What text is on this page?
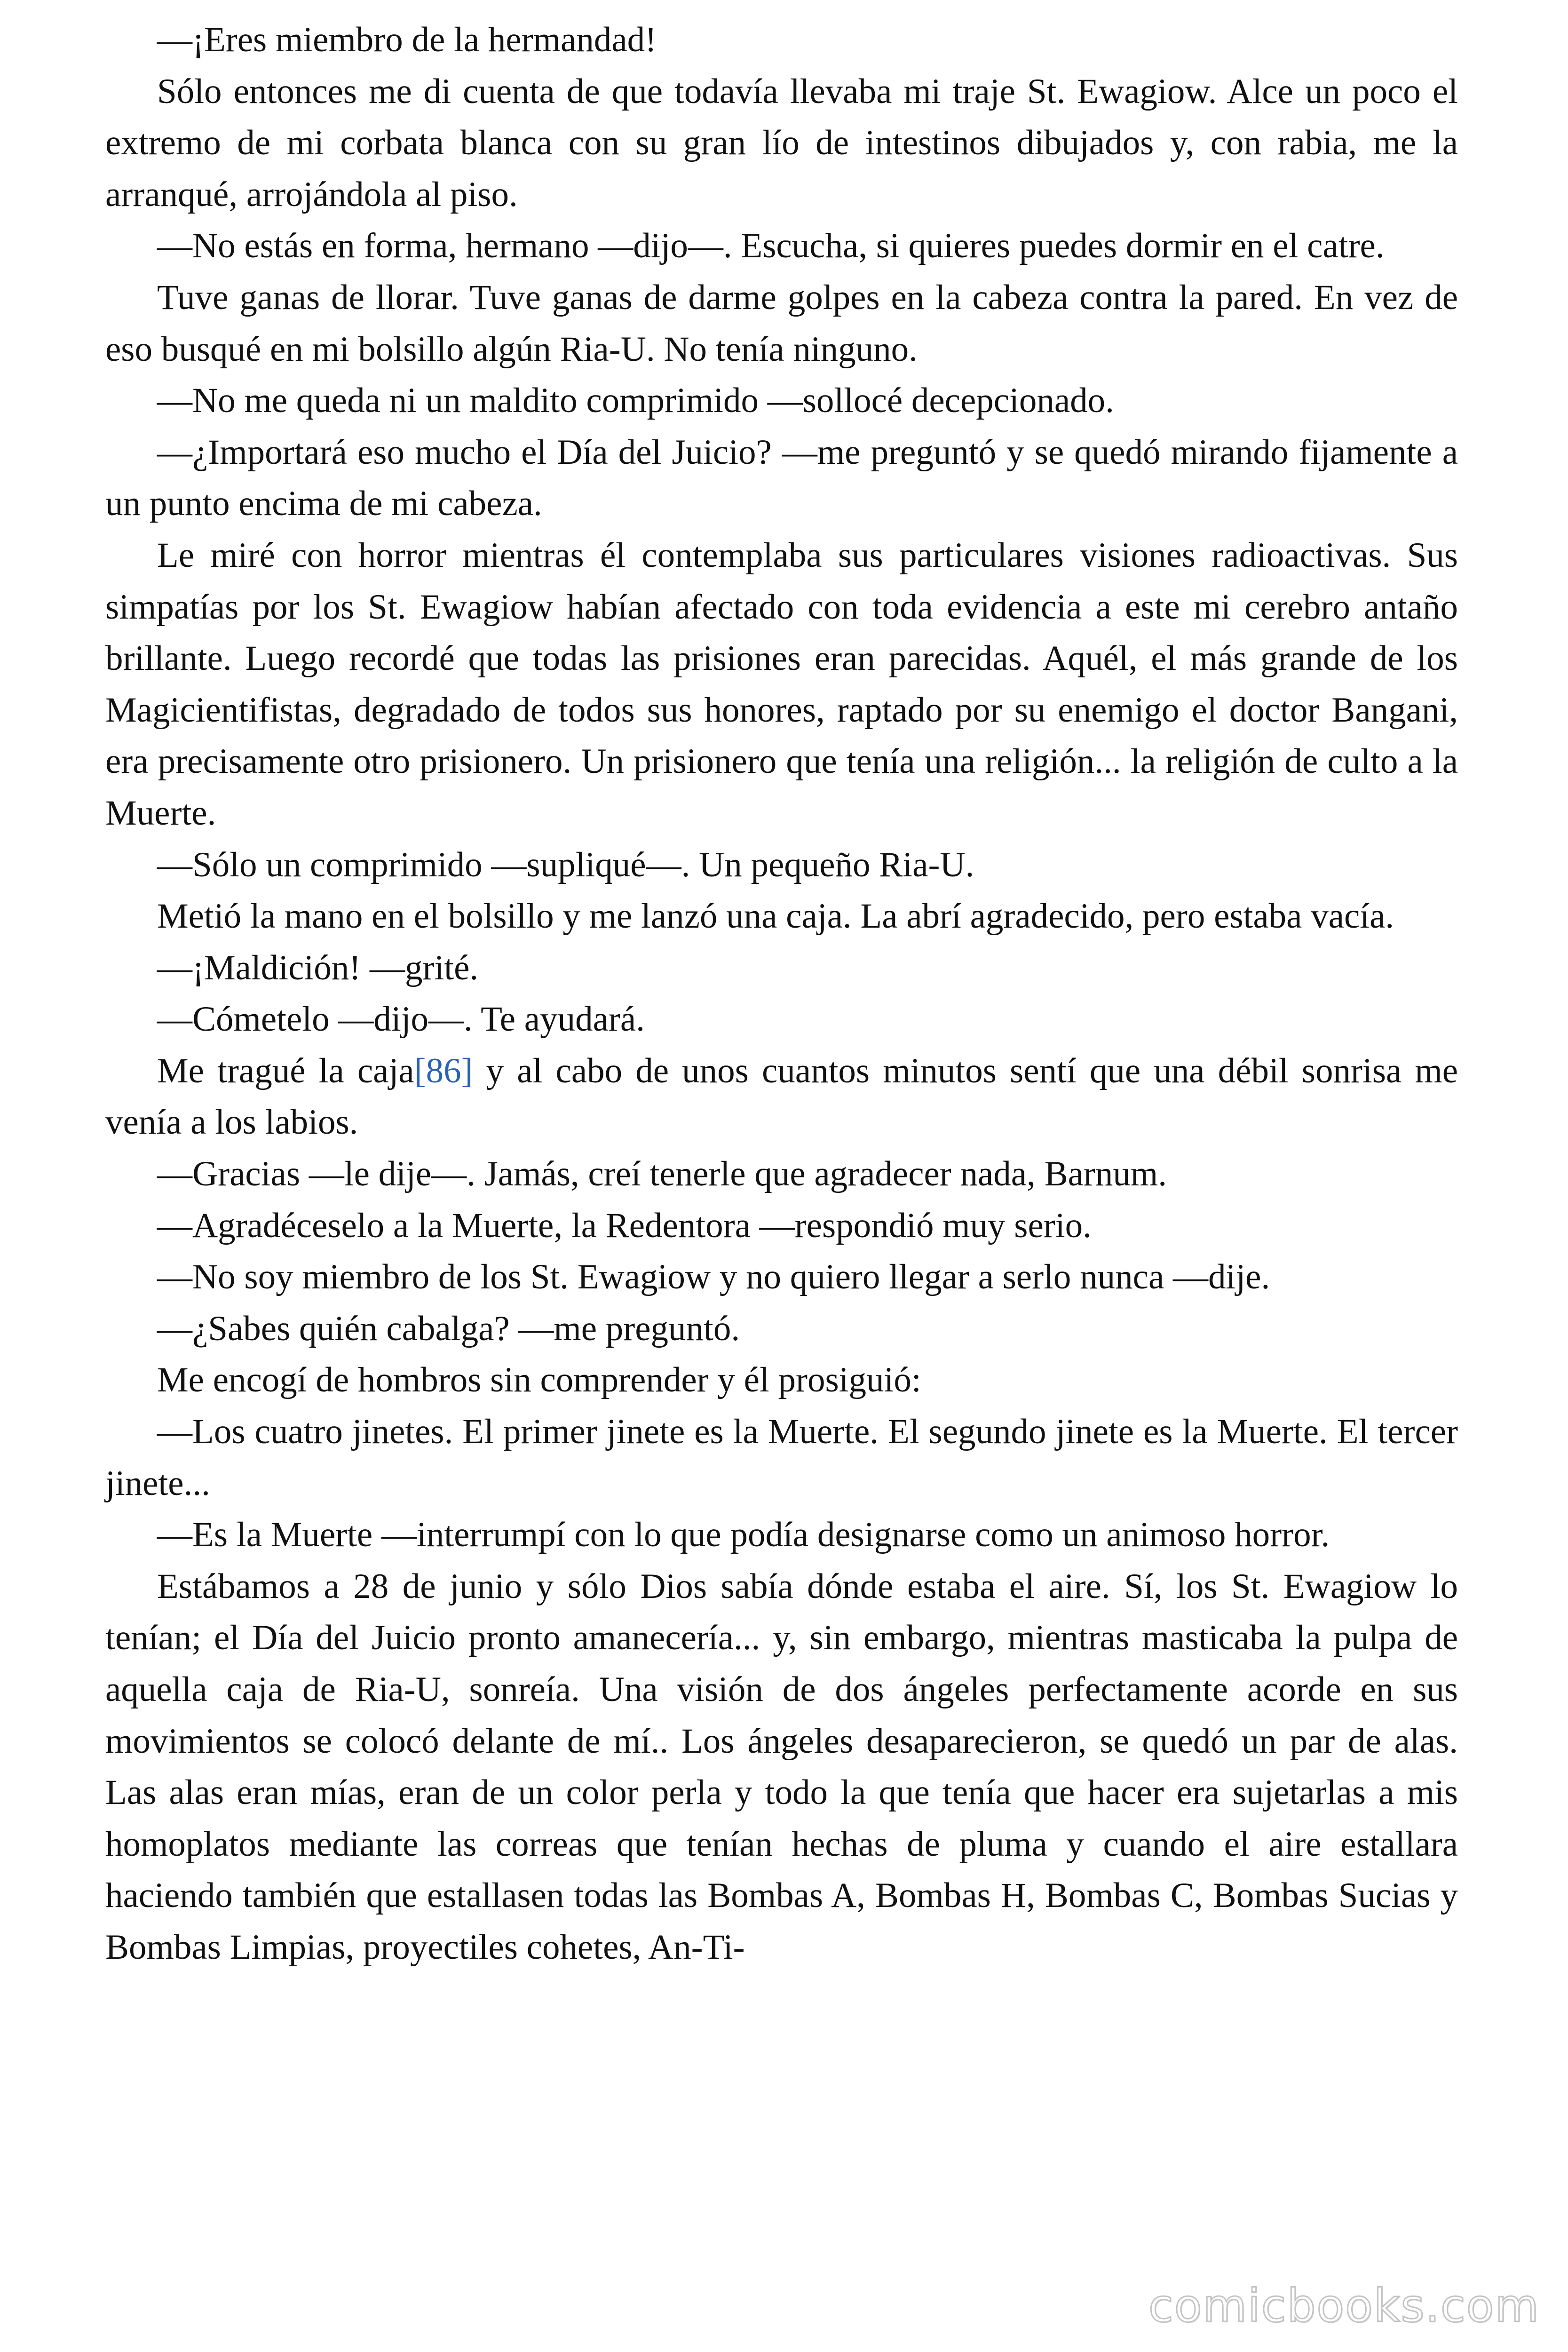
—¡Eres miembro de la hermandad!

Sólo entonces me di cuenta de que todavía llevaba mi traje St. Ewagiow. Alce un poco el extremo de mi corbata blanca con su gran lío de intestinos dibujados y, con rabia, me la arranqué, arrojándola al piso.

—No estás en forma, hermano —dijo—. Escucha, si quieres puedes dormir en el catre.

Tuve ganas de llorar. Tuve ganas de darme golpes en la cabeza contra la pared. En vez de eso busqué en mi bolsillo algún Ria-U. No tenía ninguno.

—No me queda ni un maldito comprimido —sollocé decepcionado.

—¿Importará eso mucho el Día del Juicio? —me preguntó y se quedó mirando fijamente a un punto encima de mi cabeza.

Le miré con horror mientras él contemplaba sus particulares visiones radioactivas. Sus simpatías por los St. Ewagiow habían afectado con toda evidencia a este mi cerebro antaño brillante. Luego recordé que todas las prisiones eran parecidas. Aquél, el más grande de los Magicientifistas, degradado de todos sus honores, raptado por su enemigo el doctor Bangani, era precisamente otro prisionero. Un prisionero que tenía una religión... la religión de culto a la Muerte.

—Sólo un comprimido —supliqué—. Un pequeño Ria-U.

Metió la mano en el bolsillo y me lanzó una caja. La abrí agradecido, pero estaba vacía.

—¡Maldición! —grité.

—Cómetelo —dijo—. Te ayudará.

Me tragué la caja[86] y al cabo de unos cuantos minutos sentí que una débil sonrisa me venía a los labios.

—Gracias —le dije—. Jamás, creí tenerle que agradecer nada, Barnum.

—Agradéceselo a la Muerte, la Redentora —respondió muy serio.

—No soy miembro de los St. Ewagiow y no quiero llegar a serlo nunca —dije.

—¿Sabes quién cabalga? —me preguntó.

Me encogí de hombros sin comprender y él prosiguió:

—Los cuatro jinetes. El primer jinete es la Muerte. El segundo jinete es la Muerte. El tercer jinete...

—Es la Muerte —interrumpí con lo que podía designarse como un animoso horror.

Estábamos a 28 de junio y sólo Dios sabía dónde estaba el aire. Sí, los St. Ewagiow lo tenían; el Día del Juicio pronto amanecería... y, sin embargo, mientras masticaba la pulpa de aquella caja de Ria-U, sonreía. Una visión de dos ángeles perfectamente acorde en sus movimientos se colocó delante de mí.. Los ángeles desaparecieron, se quedó un par de alas. Las alas eran mías, eran de un color perla y todo la que tenía que hacer era sujetarlas a mis homoplatos mediante las correas que tenían hechas de pluma y cuando el aire estallara haciendo también que estallasen todas las Bombas A, Bombas H, Bombas C, Bombas Sucias y Bombas Limpias, proyectiles cohetes, An-Ti-

comicbooks.com
